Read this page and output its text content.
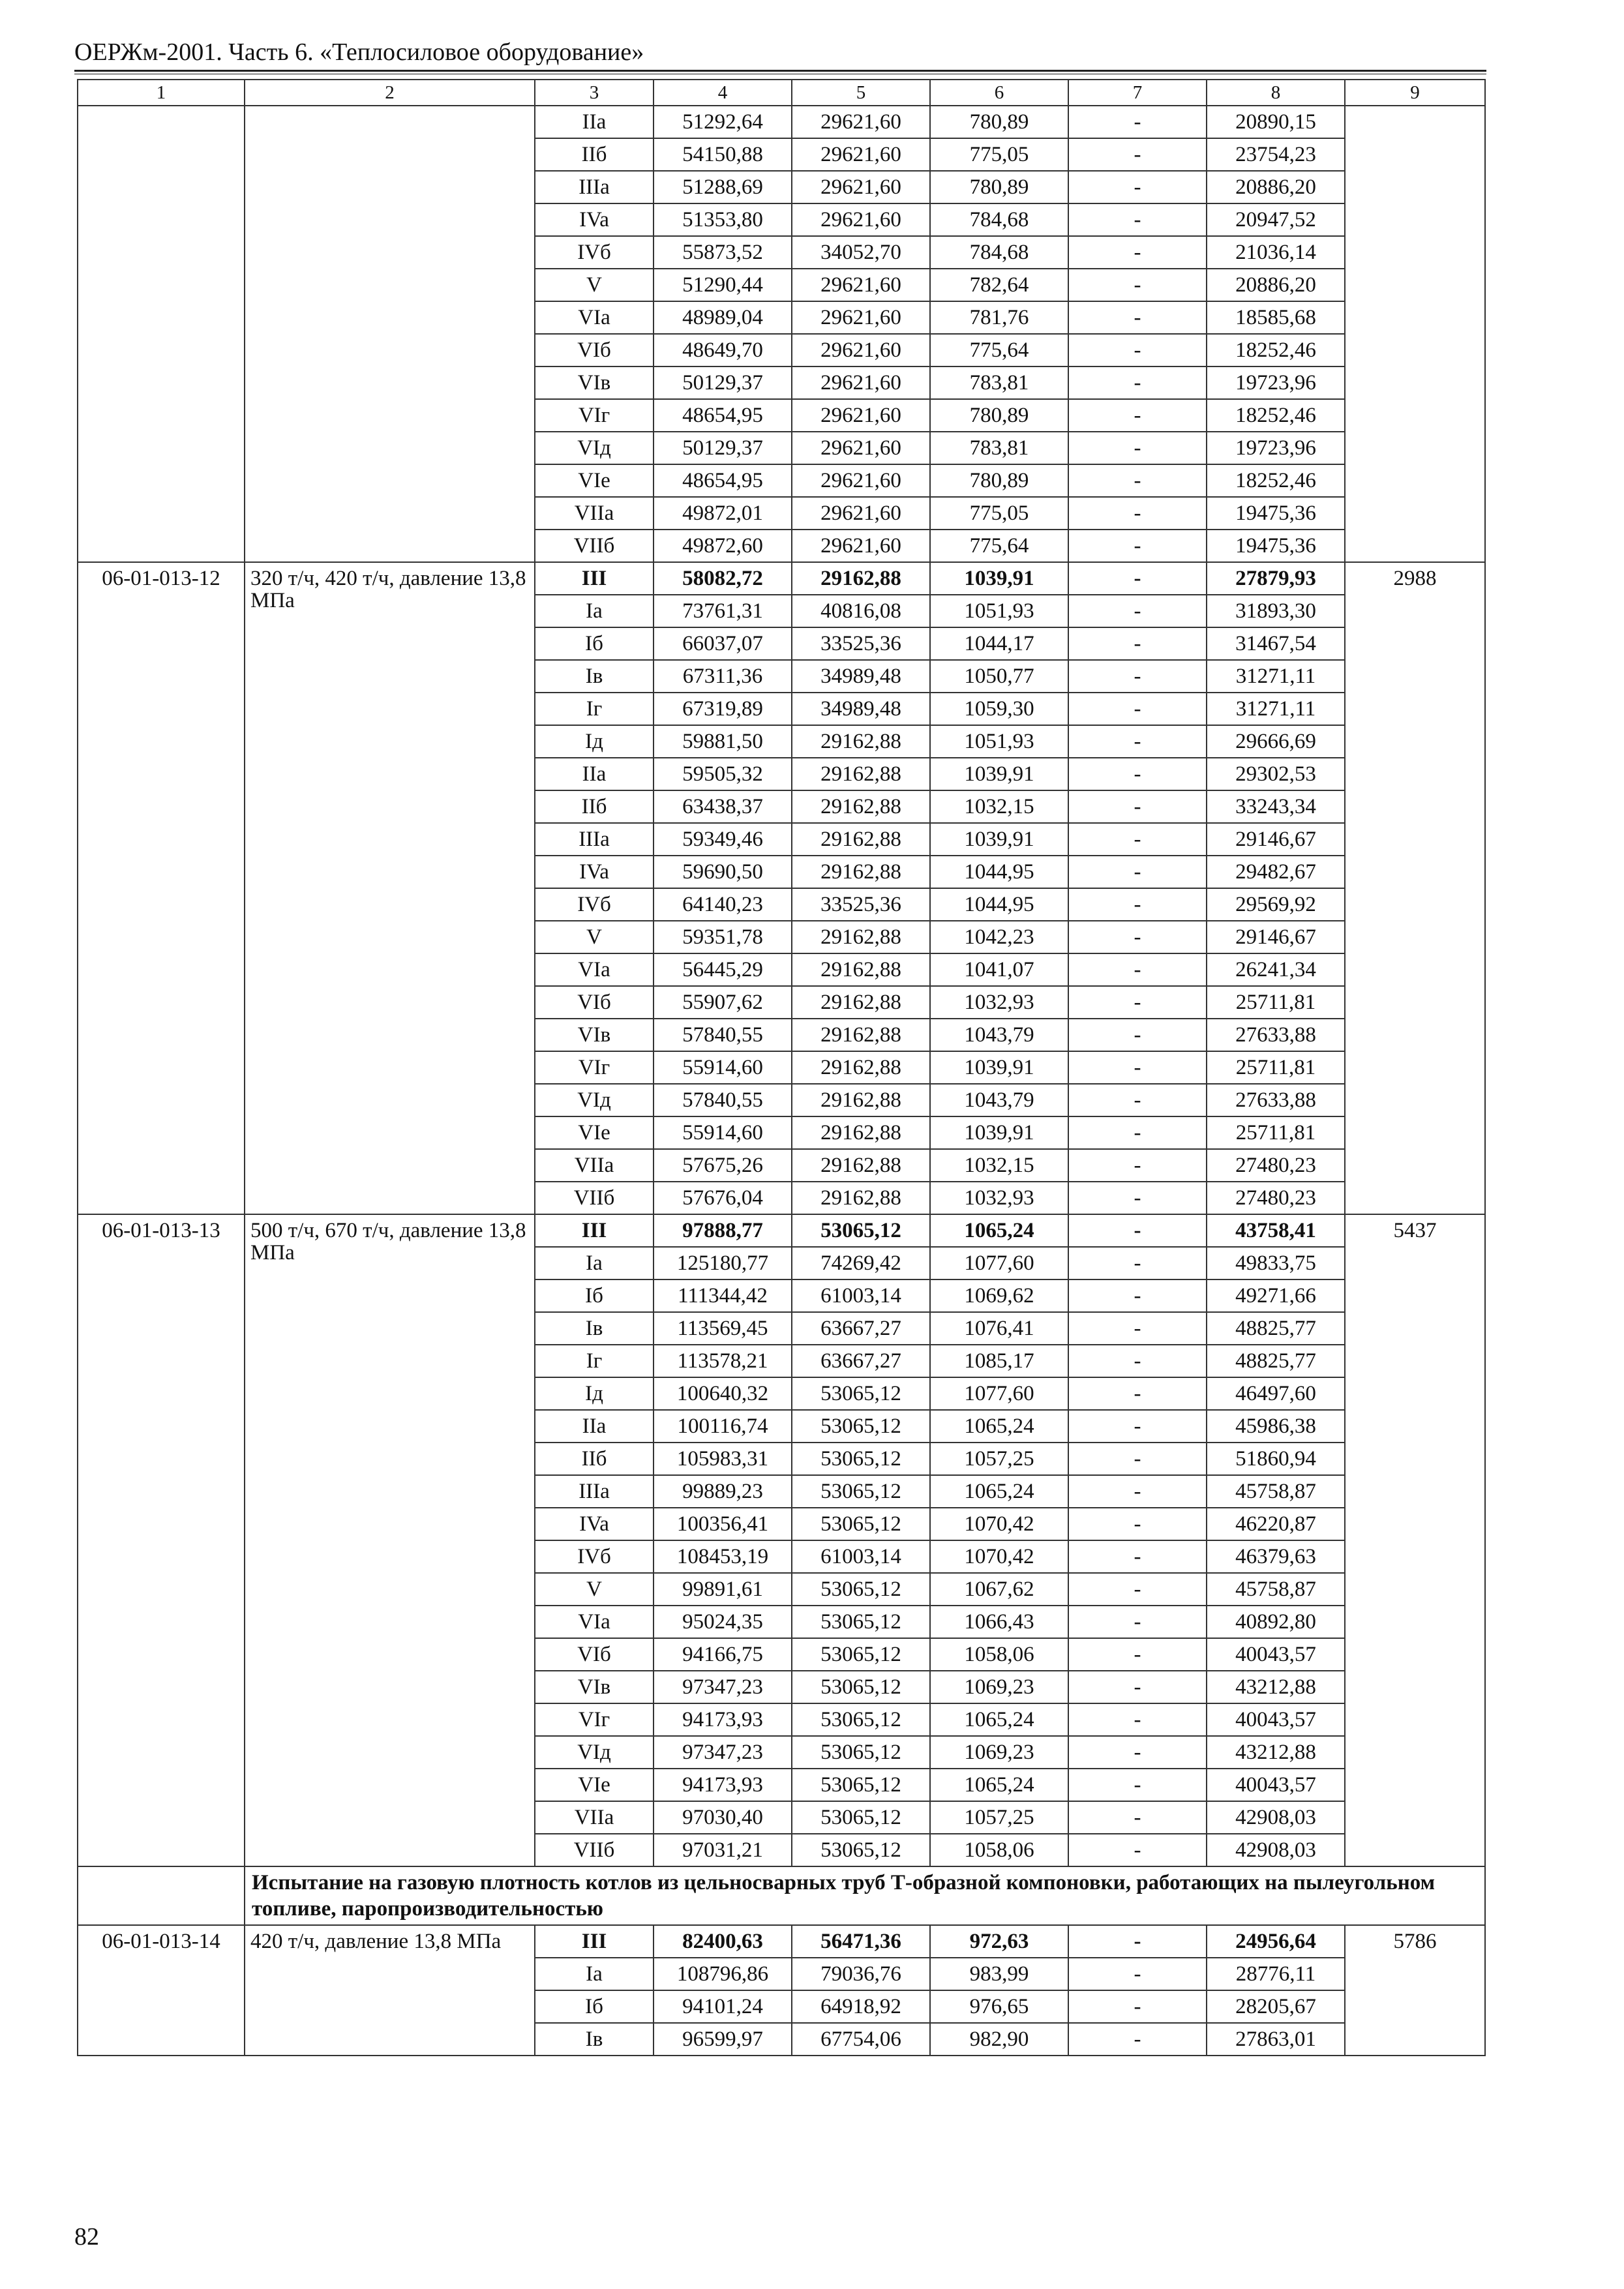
ОЕРЖм-2001. Часть 6. «Теплосиловое оборудование»
1	2	3	4	5	6	7	8	9
		IIa	51292,64	29621,60	780,89	-	20890,15	
		IIб	54150,88	29621,60	775,05	-	23754,23	
		IIIa	51288,69	29621,60	780,89	-	20886,20	
		IVa	51353,80	29621,60	784,68	-	20947,52	
		IVб	55873,52	34052,70	784,68	-	21036,14	
		V	51290,44	29621,60	782,64	-	20886,20	
		VIa	48989,04	29621,60	781,76	-	18585,68	
		VIб	48649,70	29621,60	775,64	-	18252,46	
		VIв	50129,37	29621,60	783,81	-	19723,96	
		VIг	48654,95	29621,60	780,89	-	18252,46	
		VIд	50129,37	29621,60	783,81	-	19723,96	
		VIe	48654,95	29621,60	780,89	-	18252,46	
		VIIa	49872,01	29621,60	775,05	-	19475,36	
		VIIб	49872,60	29621,60	775,64	-	19475,36	
06-01-013-12	320 т/ч, 420 т/ч, давление 13,8 МПа	III	58082,72	29162,88	1039,91	-	27879,93	2988
		Ia	73761,31	40816,08	1051,93	-	31893,30	
		Iб	66037,07	33525,36	1044,17	-	31467,54	
		Iв	67311,36	34989,48	1050,77	-	31271,11	
		Iг	67319,89	34989,48	1059,30	-	31271,11	
		Iд	59881,50	29162,88	1051,93	-	29666,69	
		IIa	59505,32	29162,88	1039,91	-	29302,53	
		IIб	63438,37	29162,88	1032,15	-	33243,34	
		IIIa	59349,46	29162,88	1039,91	-	29146,67	
		IVa	59690,50	29162,88	1044,95	-	29482,67	
		IVб	64140,23	33525,36	1044,95	-	29569,92	
		V	59351,78	29162,88	1042,23	-	29146,67	
		VIa	56445,29	29162,88	1041,07	-	26241,34	
		VIб	55907,62	29162,88	1032,93	-	25711,81	
		VIв	57840,55	29162,88	1043,79	-	27633,88	
		VIг	55914,60	29162,88	1039,91	-	25711,81	
		VIд	57840,55	29162,88	1043,79	-	27633,88	
		VIe	55914,60	29162,88	1039,91	-	25711,81	
		VIIa	57675,26	29162,88	1032,15	-	27480,23	
		VIIб	57676,04	29162,88	1032,93	-	27480,23	
06-01-013-13	500 т/ч, 670 т/ч, давление 13,8 МПа	III	97888,77	53065,12	1065,24	-	43758,41	5437
		Ia	125180,77	74269,42	1077,60	-	49833,75	
		Iб	111344,42	61003,14	1069,62	-	49271,66	
		Iв	113569,45	63667,27	1076,41	-	48825,77	
		Iг	113578,21	63667,27	1085,17	-	48825,77	
		Iд	100640,32	53065,12	1077,60	-	46497,60	
		IIa	100116,74	53065,12	1065,24	-	45986,38	
		IIб	105983,31	53065,12	1057,25	-	51860,94	
		IIIa	99889,23	53065,12	1065,24	-	45758,87	
		IVa	100356,41	53065,12	1070,42	-	46220,87	
		IVб	108453,19	61003,14	1070,42	-	46379,63	
		V	99891,61	53065,12	1067,62	-	45758,87	
		VIa	95024,35	53065,12	1066,43	-	40892,80	
		VIб	94166,75	53065,12	1058,06	-	40043,57	
		VIв	97347,23	53065,12	1069,23	-	43212,88	
		VIг	94173,93	53065,12	1065,24	-	40043,57	
		VIд	97347,23	53065,12	1069,23	-	43212,88	
		VIe	94173,93	53065,12	1065,24	-	40043,57	
		VIIa	97030,40	53065,12	1057,25	-	42908,03	
		VIIб	97031,21	53065,12	1058,06	-	42908,03	
	Испытание на газовую плотность котлов из цельносварных труб Т-образной компоновки, работающих на пылеугольном топливе, паропроизводительностью							
06-01-013-14	420 т/ч, давление 13,8 МПа	III	82400,63	56471,36	972,63	-	24956,64	5786
		Ia	108796,86	79036,76	983,99	-	28776,11	
		Iб	94101,24	64918,92	976,65	-	28205,67	
		Iв	96599,97	67754,06	982,90	-	27863,01	
82
